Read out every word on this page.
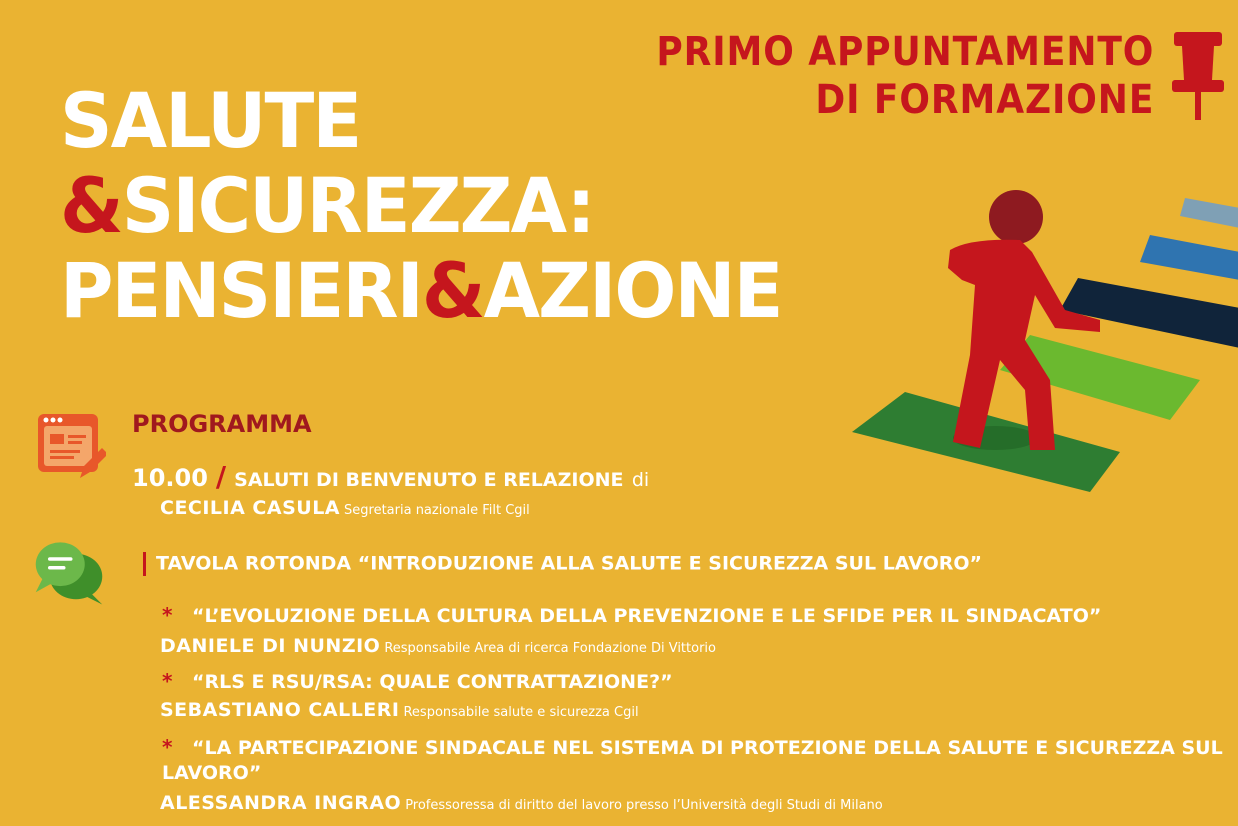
PRIMO APPUNTAMENTO
DI FORMAZIONE
SALUTE
&SICUREZZA:
PENSIERI&AZIONE
PROGRAMMA
10.00 / SALUTI DI BENVENUTO E RELAZIONE di
CECILIA CASULA Segretaria nazionale Filt Cgil
TAVOLA ROTONDA “INTRODUZIONE ALLA SALUTE E SICUREZZA SUL LAVORO”
* “L’EVOLUZIONE DELLA CULTURA DELLA PREVENZIONE E LE SFIDE PER IL SINDACATO”
DANIELE DI NUNZIO Responsabile Area di ricerca Fondazione Di Vittorio
* “RLS E RSU/RSA: QUALE CONTRATTAZIONE?”
SEBASTIANO CALLERI Responsabile salute e sicurezza Cgil
* “LA PARTECIPAZIONE SINDACALE NEL SISTEMA DI PROTEZIONE DELLA SALUTE E SICUREZZA SUL
LAVORO”
ALESSANDRA INGRAO Professoressa di diritto del lavoro presso l’Università degli Studi di Milano
